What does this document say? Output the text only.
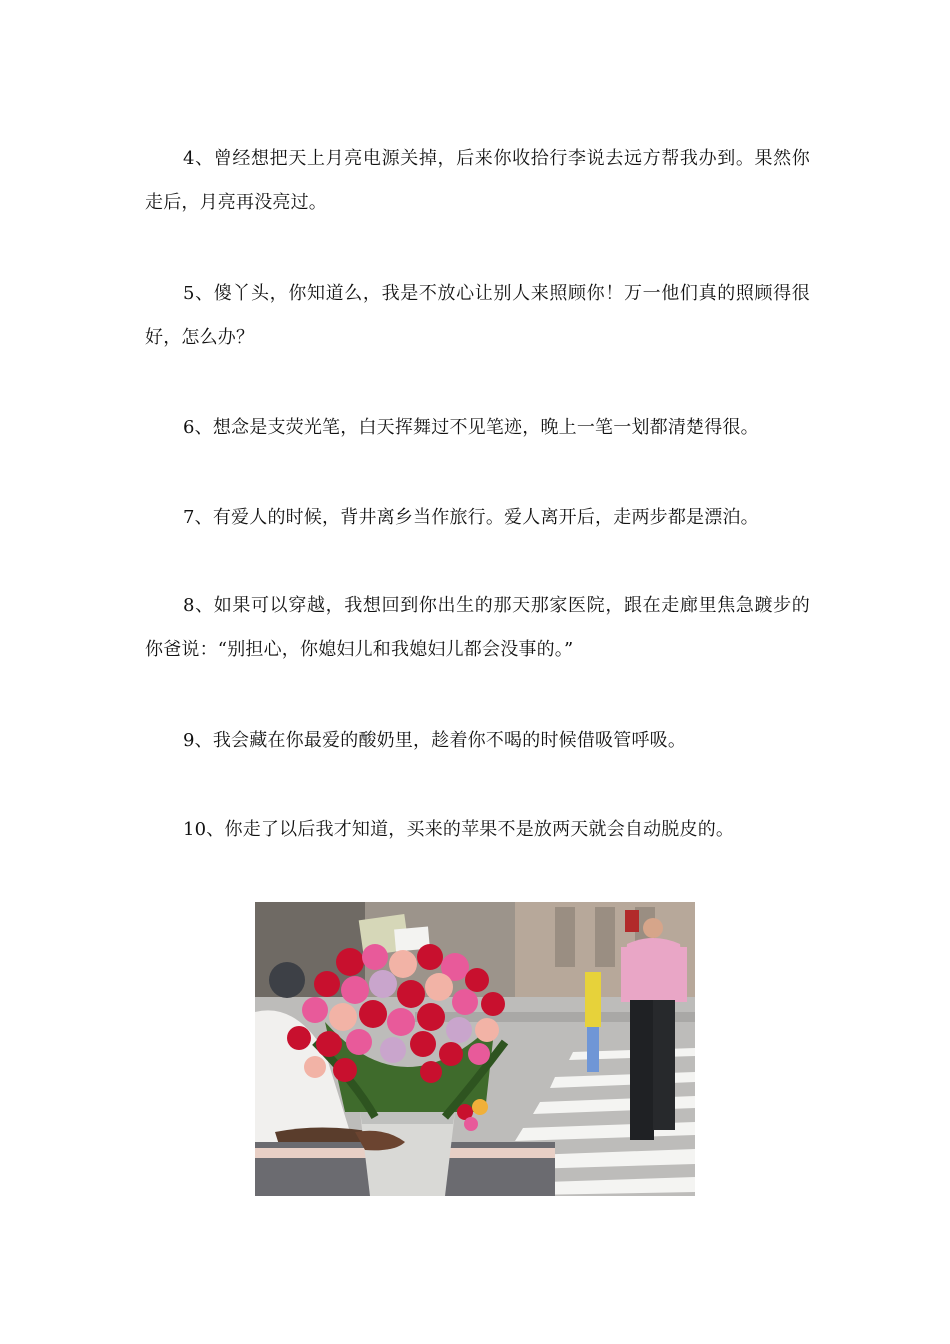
4、曾经想把天上月亮电源关掉，后来你收拾行李说去远方帮我办到。果然你走后，月亮再没亮过。

5、傻丫头，你知道么，我是不放心让别人来照顾你！万一他们真的照顾得很好，怎么办？

6、想念是支荧光笔，白天挥舞过不见笔迹，晚上一笔一划都清楚得很。

7、有爱人的时候，背井离乡当作旅行。爱人离开后，走两步都是漂泊。

8、如果可以穿越，我想回到你出生的那天那家医院，跟在走廊里焦急踱步的你爸说：“别担心，你媳妇儿和我媳妇儿都会没事的。”

9、我会藏在你最爱的酸奶里，趁着你不喝的时候借吸管呼吸。

10、你走了以后我才知道，买来的苹果不是放两天就会自动脱皮的。
